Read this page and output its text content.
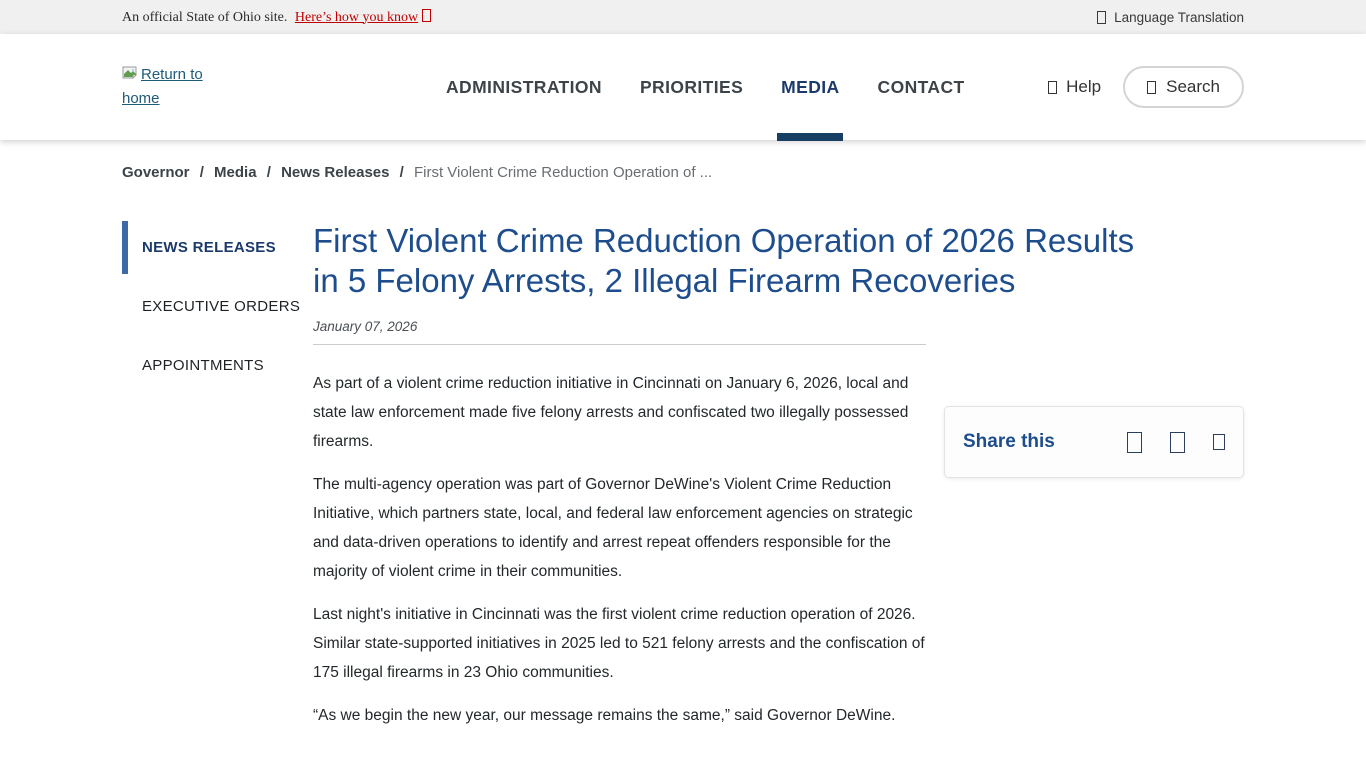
An official State of Ohio site. Here’s how you know	Language Translation
Return to home
ADMINISTRATION PRIORITIES MEDIA CONTACT	Help	Search
Governor / Media / News Releases / First Violent Crime Reduction Operation of ...
NEWS RELEASES
EXECUTIVE ORDERS
APPOINTMENTS
First Violent Crime Reduction Operation of 2026 Results in 5 Felony Arrests, 2 Illegal Firearm Recoveries
January 07, 2026

As part of a violent crime reduction initiative in Cincinnati on January 6, 2026, local and state law enforcement made five felony arrests and confiscated two illegally possessed firearms.

The multi-agency operation was part of Governor DeWine's Violent Crime Reduction Initiative, which partners state, local, and federal law enforcement agencies on strategic and data-driven operations to identify and arrest repeat offenders responsible for the majority of violent crime in their communities.

Last night's initiative in Cincinnati was the first violent crime reduction operation of 2026. Similar state-supported initiatives in 2025 led to 521 felony arrests and the confiscation of 175 illegal firearms in 23 Ohio communities.

“As we begin the new year, our message remains the same,” said Governor DeWine.

Share this
